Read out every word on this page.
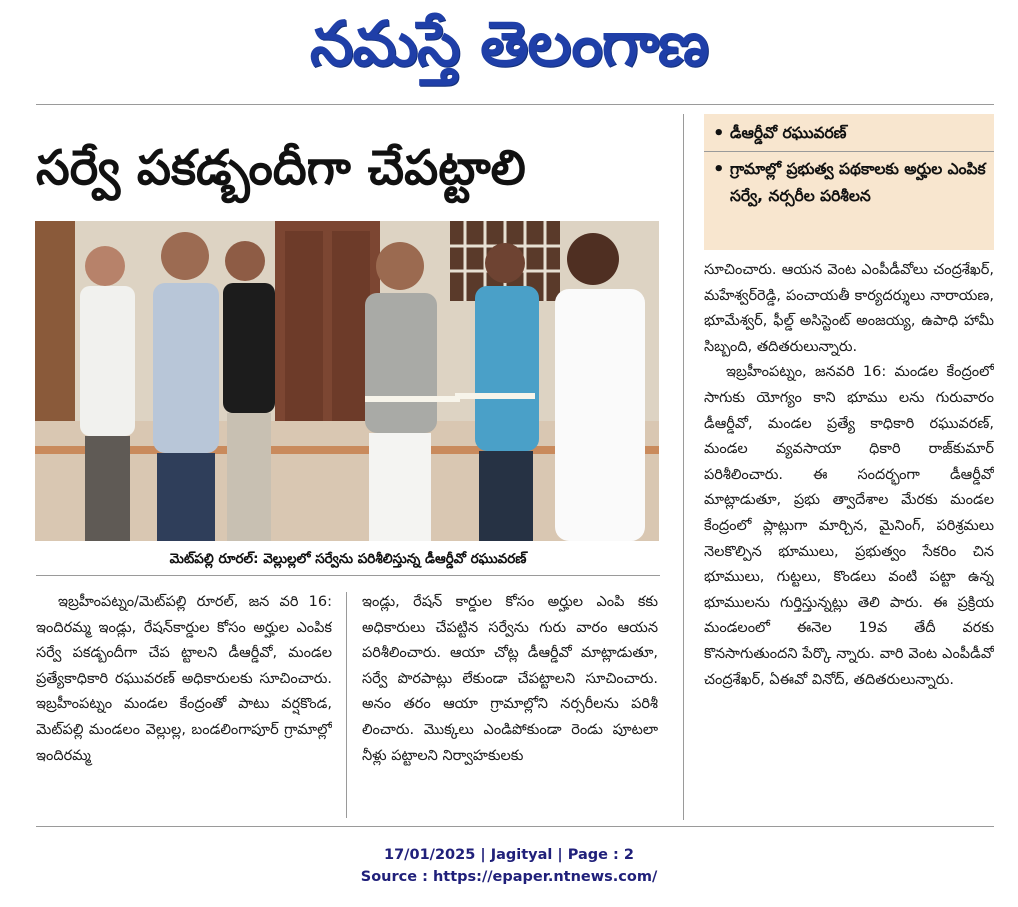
నమస్తే తెలంగాణ
సర్వే పకడ్బందీగా చేపట్టాలి
• డీఆర్డీవో రఘువరణ్
• గ్రామాల్లో ప్రభుత్వ పథకాలకు అర్హుల ఎంపిక సర్వే, నర్సరీల పరిశీలన
మెట్‌పల్లి రూరల్‌: వెల్లుల్లలో సర్వేను పరిశీలిస్తున్న డీఆర్డీవో రఘువరణ్‌

ఇబ్రహీంపట్నం/మెట్‌పల్లి రూరల్‌, జన వరి 16: ఇందిరమ్మ ఇండ్లు, రేషన్‌కార్డుల కోసం అర్హుల ఎంపిక సర్వే పకడ్బందీగా చేప ట్టాలని డీఆర్డీవో, మండల ప్రత్యేకాధికారి రఘువరణ్‌ అధికారులకు సూచించారు. ఇబ్రహీంపట్నం మండల కేంద్రంతో పాటు వర్షకొండ, మెట్‌పల్లి మండలం వెల్లుల్ల, బండలింగాపూర్‌ గ్రామాల్లో ఇందిరమ్మ

ఇండ్లు, రేషన్‌ కార్డుల కోసం అర్హుల ఎంపి కకు అధికారులు చేపట్టిన సర్వేను గురు వారం ఆయన పరిశీలించారు. ఆయా చోట్ల డీఆర్డీవో మాట్లాడుతూ, సర్వే పొరపాట్లు లేకుండా చేపట్టాలని సూచించారు. అనం తరం ఆయా గ్రామాల్లోని నర్సరీలను పరిశీ లించారు. మొక్కలు ఎండిపోకుండా రెండు పూటలా నీళ్లు పట్టాలని నిర్వాహకులకు

సూచించారు. ఆయన వెంట ఎంపీడీవోలు చంద్రశేఖర్‌, మహేశ్వర్‌రెడ్డి, పంచాయతీ కార్యదర్శులు నారాయణ, భూమేశ్వర్‌, ఫీల్డ్‌ అసిస్టెంట్‌ అంజయ్య, ఉపాధి హామీ సిబ్బంది, తదితరులున్నారు.

ఇబ్రహీంపట్నం, జనవరి 16: మండల కేంద్రంలో సాగుకు యోగ్యం కాని భూము లను గురువారం డీఆర్డీవో, మండల ప్రత్యే కాధికారి రఘువరణ్‌, మండల వ్యవసాయా ధికారి రాజ్‌కుమార్‌ పరిశీలించారు. ఈ సందర్భంగా డీఆర్డీవో మాట్లాడుతూ, ప్రభు త్వాదేశాల మేరకు మండల కేంద్రంలో ప్లాట్లుగా మార్చిన, మైనింగ్‌, పరిశ్రమలు నెలకొల్పిన భూములు, ప్రభుత్వం సేకరిం చిన భూములు, గుట్టలు, కొండలు వంటి పట్టా ఉన్న భూములను గుర్తిస్తున్నట్లు తెలి పారు. ఈ ప్రక్రియ మండలంలో ఈనెల 19వ తేదీ వరకు కొనసాగుతుందని పేర్కొ న్నారు. వారి వెంట ఎంపీడీవో చంద్రశేఖర్‌, ఏఈవో వినోద్‌, తదితరులున్నారు.

17/01/2025 | Jagityal | Page : 2
Source : https://epaper.ntnews.com/
